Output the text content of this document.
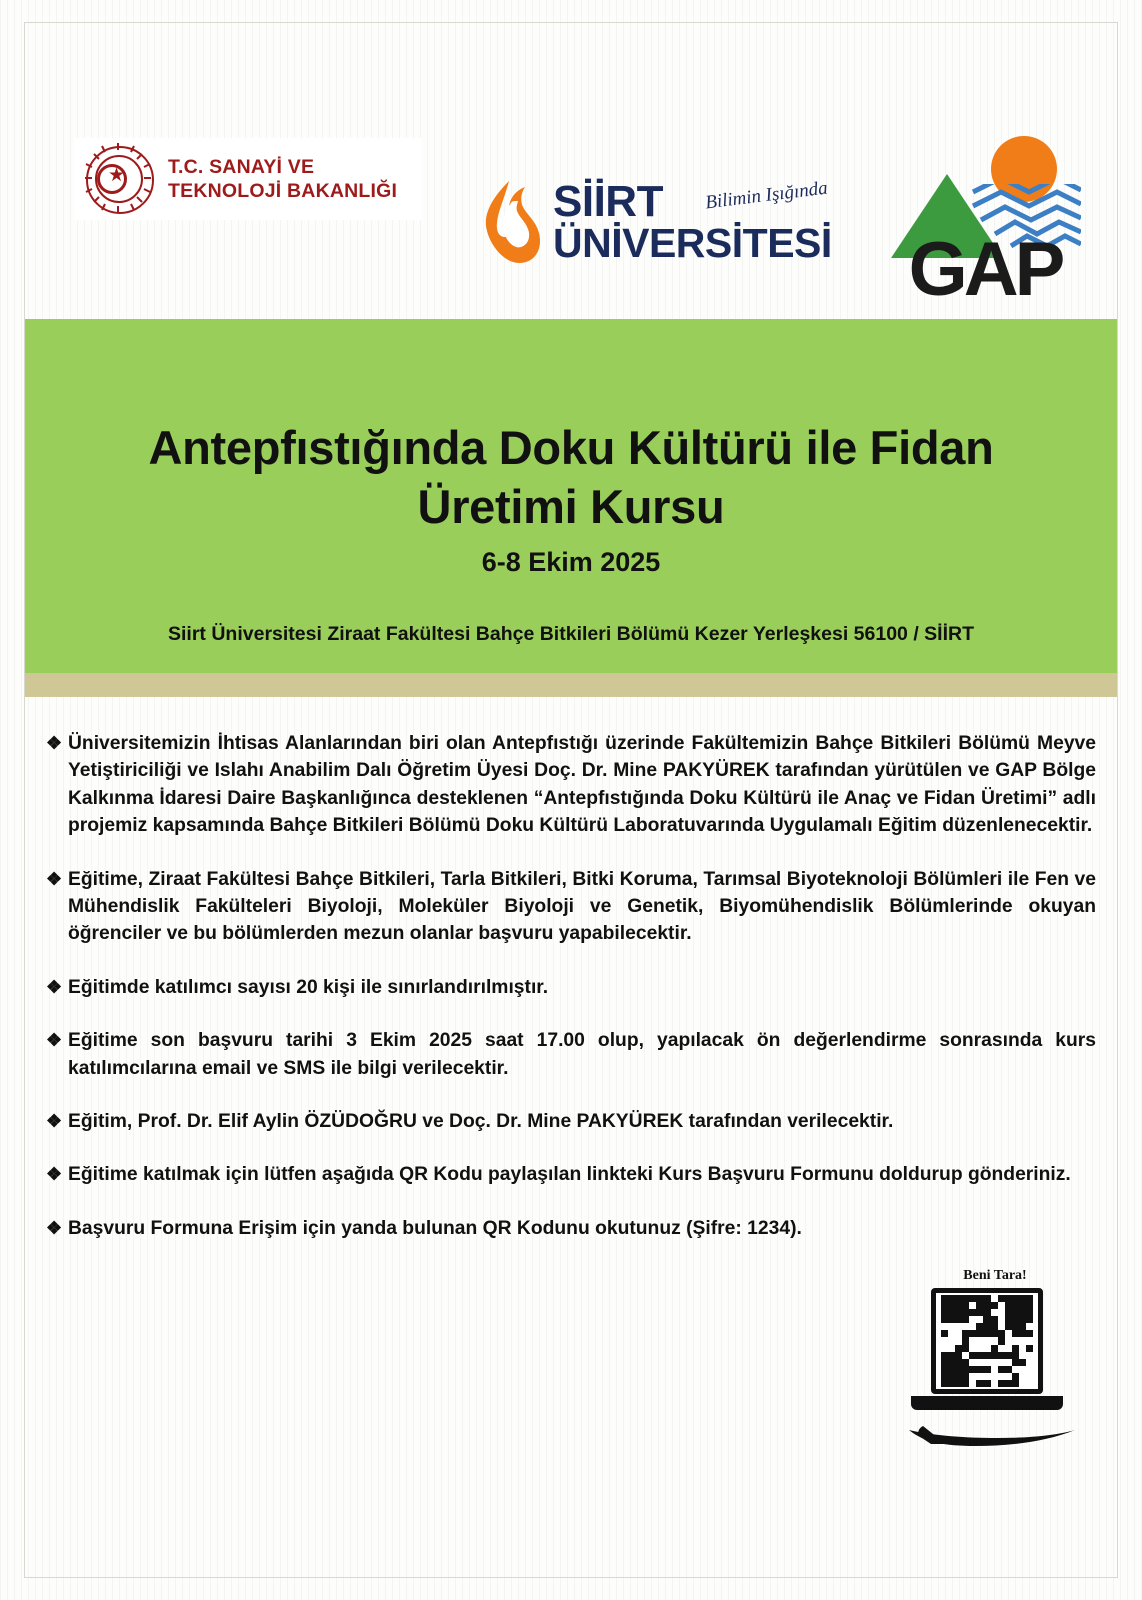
★ T.C. SANAYİ VE
TEKNOLOJİ BAKANLIĞI	SİİRT
ÜNİVERSİTESİ
Bilimin Işığında
GAP
Antepfıstığında Doku Kültürü ile Fidan Üretimi Kursu
6-8 Ekim 2025
Siirt Üniversitesi Ziraat Fakültesi Bahçe Bitkileri Bölümü Kezer Yerleşkesi 56100 / SİİRT

❖ Üniversitemizin İhtisas Alanlarından biri olan Antepfıstığı üzerinde Fakültemizin Bahçe Bitkileri Bölümü Meyve Yetiştiriciliği ve Islahı Anabilim Dalı Öğretim Üyesi Doç. Dr. Mine PAKYÜREK tarafından yürütülen ve GAP Bölge Kalkınma İdaresi Daire Başkanlığınca desteklenen “Antepfıstığında Doku Kültürü ile Anaç ve Fidan Üretimi” adlı projemiz kapsamında Bahçe Bitkileri Bölümü Doku Kültürü Laboratuvarında Uygulamalı Eğitim düzenlenecektir.

❖ Eğitime, Ziraat Fakültesi Bahçe Bitkileri, Tarla Bitkileri, Bitki Koruma, Tarımsal Biyoteknoloji Bölümleri ile Fen ve Mühendislik Fakülteleri Biyoloji, Moleküler Biyoloji ve Genetik, Biyomühendislik Bölümlerinde okuyan öğrenciler ve bu bölümlerden mezun olanlar başvuru yapabilecektir.

❖ Eğitimde katılımcı sayısı 20 kişi ile sınırlandırılmıştır.

❖ Eğitime son başvuru tarihi 3 Ekim 2025 saat 17.00 olup, yapılacak ön değerlendirme sonrasında kurs katılımcılarına email ve SMS ile bilgi verilecektir.

❖ Eğitim, Prof. Dr. Elif Aylin ÖZÜDOĞRU ve Doç. Dr. Mine PAKYÜREK tarafından verilecektir.

❖ Eğitime katılmak için lütfen aşağıda QR Kodu paylaşılan linkteki Kurs Başvuru Formunu doldurup gönderiniz.

❖ Başvuru Formuna Erişim için yanda bulunan QR Kodunu okutunuz (Şifre: 1234).

Beni Tara!
